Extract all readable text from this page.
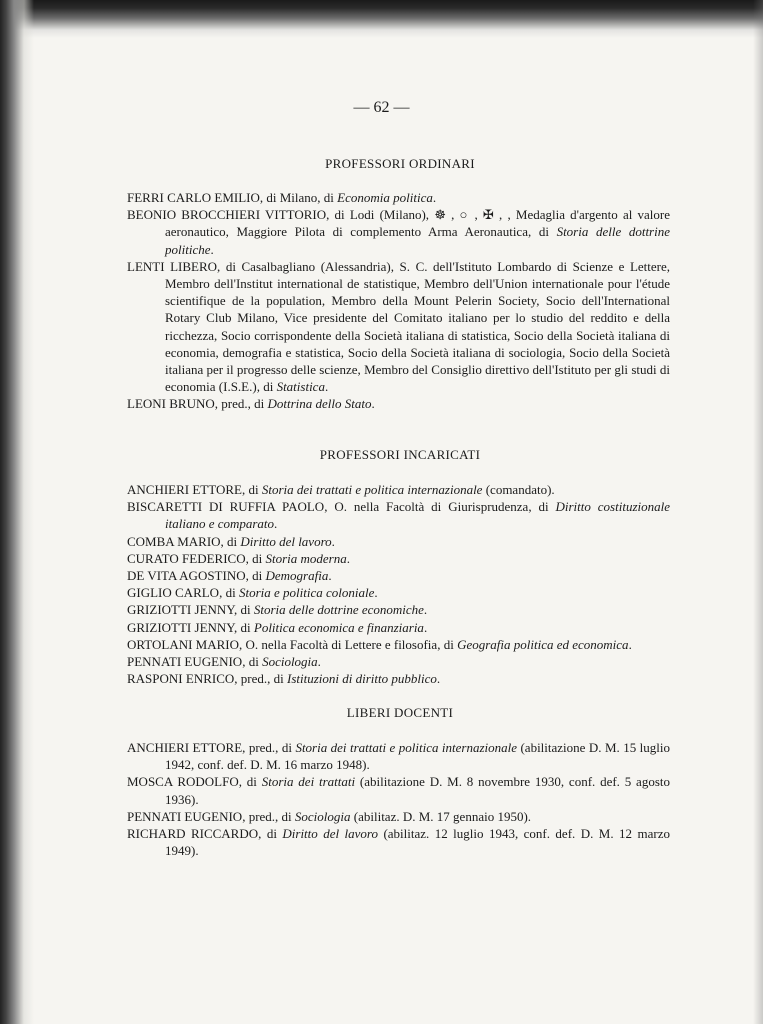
— 62 —
PROFESSORI ORDINARI
FERRI CARLO EMILIO, di Milano, di Economia politica.
BEONIO BROCCHIERI VITTORIO, di Lodi (Milano), ☸ , ○ , ✠ , , Medaglia d'argento al valore aeronautico, Maggiore Pilota di complemento Arma Aeronautica, di Storia delle dottrine politiche.
LENTI LIBERO, di Casalbagliano (Alessandria), S. C. dell'Istituto Lombardo di Scienze e Lettere, Membro dell'Institut international de statistique, Membro dell'Union internationale pour l'étude scientifique de la population, Membro della Mount Pelerin Society, Socio dell'International Rotary Club Milano, Vice presidente del Comitato italiano per lo studio del reddito e della ricchezza, Socio corrispondente della Società italiana di statistica, Socio della Società italiana di economia, demografia e statistica, Socio della Società italiana di sociologia, Socio della Società italiana per il progresso delle scienze, Membro del Consiglio direttivo dell'Istituto per gli studi di economia (I.S.E.), di Statistica.
LEONI BRUNO, pred., di Dottrina dello Stato.
PROFESSORI INCARICATI
ANCHIERI ETTORE, di Storia dei trattati e politica internazionale (comandato).
BISCARETTI DI RUFFIA PAOLO, O. nella Facoltà di Giurisprudenza, di Diritto costituzionale italiano e comparato.
COMBA MARIO, di Diritto del lavoro.
CURATO FEDERICO, di Storia moderna.
DE VITA AGOSTINO, di Demografia.
GIGLIO CARLO, di Storia e politica coloniale.
GRIZIOTTI JENNY, di Storia delle dottrine economiche.
GRIZIOTTI JENNY, di Politica economica e finanziaria.
ORTOLANI MARIO, O. nella Facoltà di Lettere e filosofia, di Geografia politica ed economica.
PENNATI EUGENIO, di Sociologia.
RASPONI ENRICO, pred., di Istituzioni di diritto pubblico.
LIBERI DOCENTI
ANCHIERI ETTORE, pred., di Storia dei trattati e politica internazionale (abilitazione D. M. 15 luglio 1942, conf. def. D. M. 16 marzo 1948).
MOSCA RODOLFO, di Storia dei trattati (abilitazione D. M. 8 novembre 1930, conf. def. 5 agosto 1936).
PENNATI EUGENIO, pred., di Sociologia (abilitaz. D. M. 17 gennaio 1950).
RICHARD RICCARDO, di Diritto del lavoro (abilitaz. 12 luglio 1943, conf. def. D. M. 12 marzo 1949).
